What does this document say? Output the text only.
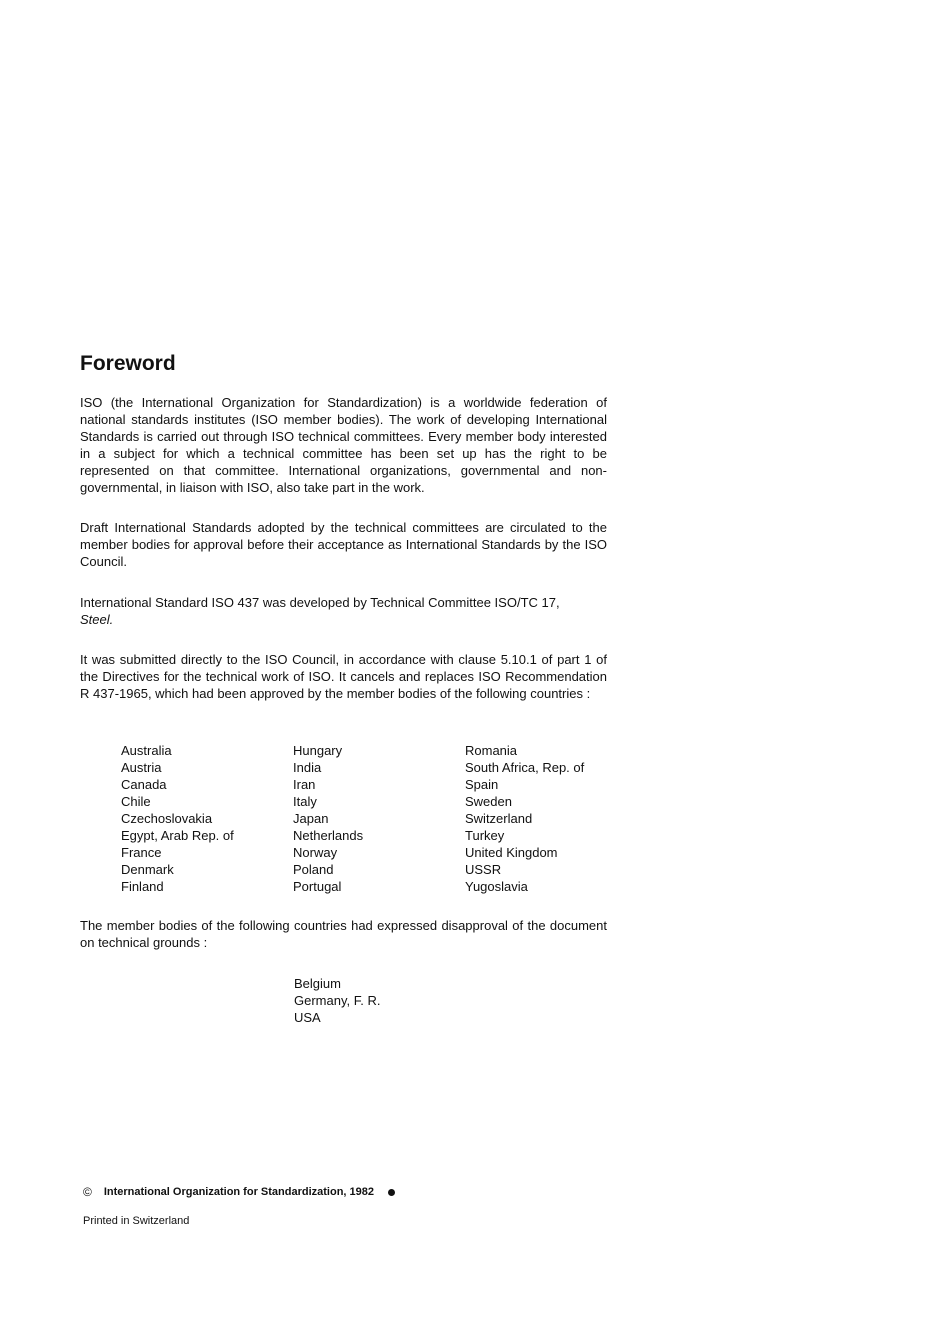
Foreword

ISO (the International Organization for Standardization) is a worldwide federation of national standards institutes (ISO member bodies). The work of developing International Standards is carried out through ISO technical committees. Every member body interested in a subject for which a technical committee has been set up has the right to be represented on that committee. International organizations, governmental and non-governmental, in liaison with ISO, also take part in the work.

Draft International Standards adopted by the technical committees are circulated to the member bodies for approval before their acceptance as International Standards by the ISO Council.

International Standard ISO 437 was developed by Technical Committee ISO/TC 17,
Steel.

It was submitted directly to the ISO Council, in accordance with clause 5.10.1 of part 1 of the Directives for the technical work of ISO. It cancels and replaces ISO Recommendation R 437-1965, which had been approved by the member bodies of the following countries :

Australia
Austria
Canada
Chile
Czechoslovakia
Egypt, Arab Rep. of
France
Denmark
Finland
Hungary
India
Iran
Italy
Japan
Netherlands
Norway
Poland
Portugal
Romania
South Africa, Rep. of
Spain
Sweden
Switzerland
Turkey
United Kingdom
USSR
Yugoslavia

The member bodies of the following countries had expressed disapproval of the document on technical grounds :

Belgium
Germany, F. R.
USA
© International Organization for Standardization, 1982
Printed in Switzerland
